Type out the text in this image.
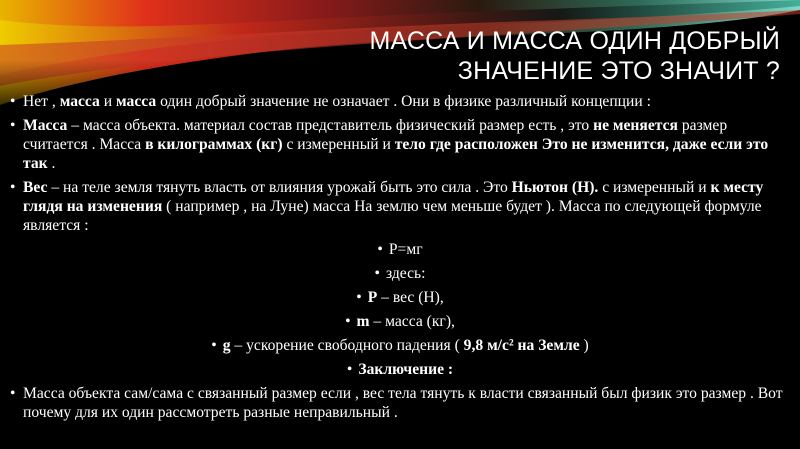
МАССА И МАССА ОДИН ДОБРЫЙ
ЗНАЧЕНИЕ ЭТО ЗНАЧИТ ?
• Нет , масса и масса один добрый значение не означает . Они в физике различный концепции :
• Масса – масса объекта. материал состав представитель физический размер есть , это не меняется размер считается . Масса в килограммах (кг) с измеренный и тело где расположен Это не изменится, даже если это так .
• Вес – на теле земля тянуть власть от влияния урожай быть это сила . Это Ньютон (Н). с измеренный и к месту глядя на изменения ( например , на Луне) масса На землю чем меньше будет ). Масса по следующей формуле является :
• P=мг
• здесь:
• P – вес (Н),
• m – масса (кг),
• g – ускорение свободного падения ( 9,8 м/с² на Земле )
• Заключение :
• Масса объекта сам/сама с связанный размер если , вес тела тянуть к власти связанный был физик это размер . Вот почему для их один рассмотреть разные неправильный .
